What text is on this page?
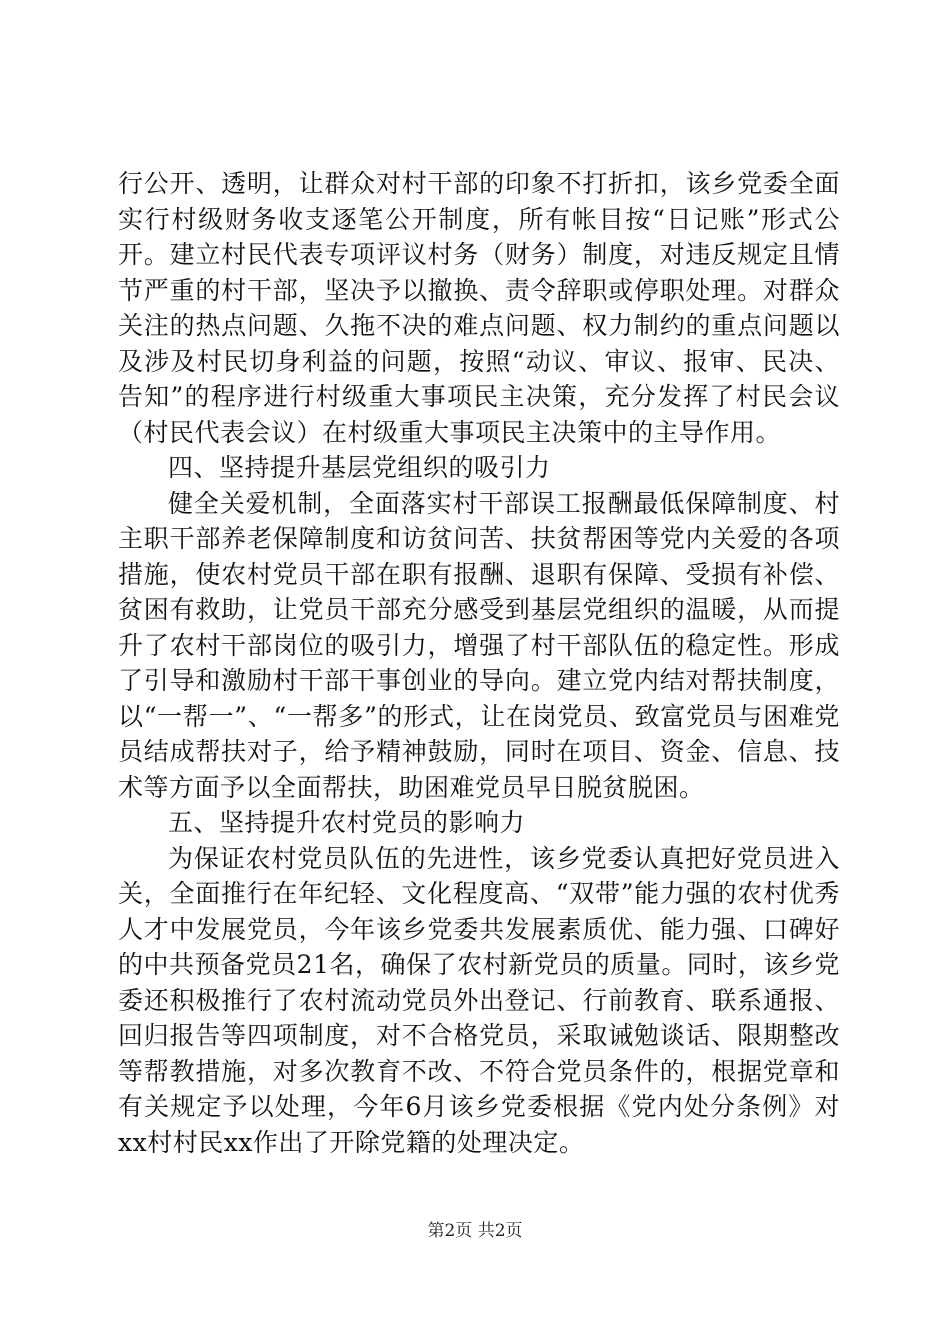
行公开、透明，让群众对村干部的印象不打折扣，该乡党委全面实行村级财务收支逐笔公开制度，所有帐目按“日记账”形式公开。建立村民代表专项评议村务（财务）制度，对违反规定且情节严重的村干部，坚决予以撤换、责令辞职或停职处理。对群众关注的热点问题、久拖不决的难点问题、权力制约的重点问题以及涉及村民切身利益的问题，按照“动议、审议、报审、民决、告知”的程序进行村级重大事项民主决策，充分发挥了村民会议（村民代表会议）在村级重大事项民主决策中的主导作用。

四、坚持提升基层党组织的吸引力

健全关爱机制，全面落实村干部误工报酬最低保障制度、村主职干部养老保障制度和访贫问苦、扶贫帮困等党内关爱的各项措施，使农村党员干部在职有报酬、退职有保障、受损有补偿、贫困有救助，让党员干部充分感受到基层党组织的温暖，从而提升了农村干部岗位的吸引力，增强了村干部队伍的稳定性。形成了引导和激励村干部干事创业的导向。建立党内结对帮扶制度，以“一帮一”、“一帮多”的形式，让在岗党员、致富党员与困难党员结成帮扶对子，给予精神鼓励，同时在项目、资金、信息、技术等方面予以全面帮扶，助困难党员早日脱贫脱困。

五、坚持提升农村党员的影响力

为保证农村党员队伍的先进性，该乡党委认真把好党员进入关，全面推行在年纪轻、文化程度高、“双带”能力强的农村优秀人才中发展党员，今年该乡党委共发展素质优、能力强、口碑好的中共预备党员21名，确保了农村新党员的质量。同时，该乡党委还积极推行了农村流动党员外出登记、行前教育、联系通报、回归报告等四项制度，对不合格党员，采取诫勉谈话、限期整改等帮教措施，对多次教育不改、不符合党员条件的，根据党章和有关规定予以处理，今年6月该乡党委根据《党内处分条例》对xx村村民xx作出了开除党籍的处理决定。

第2页 共2页
